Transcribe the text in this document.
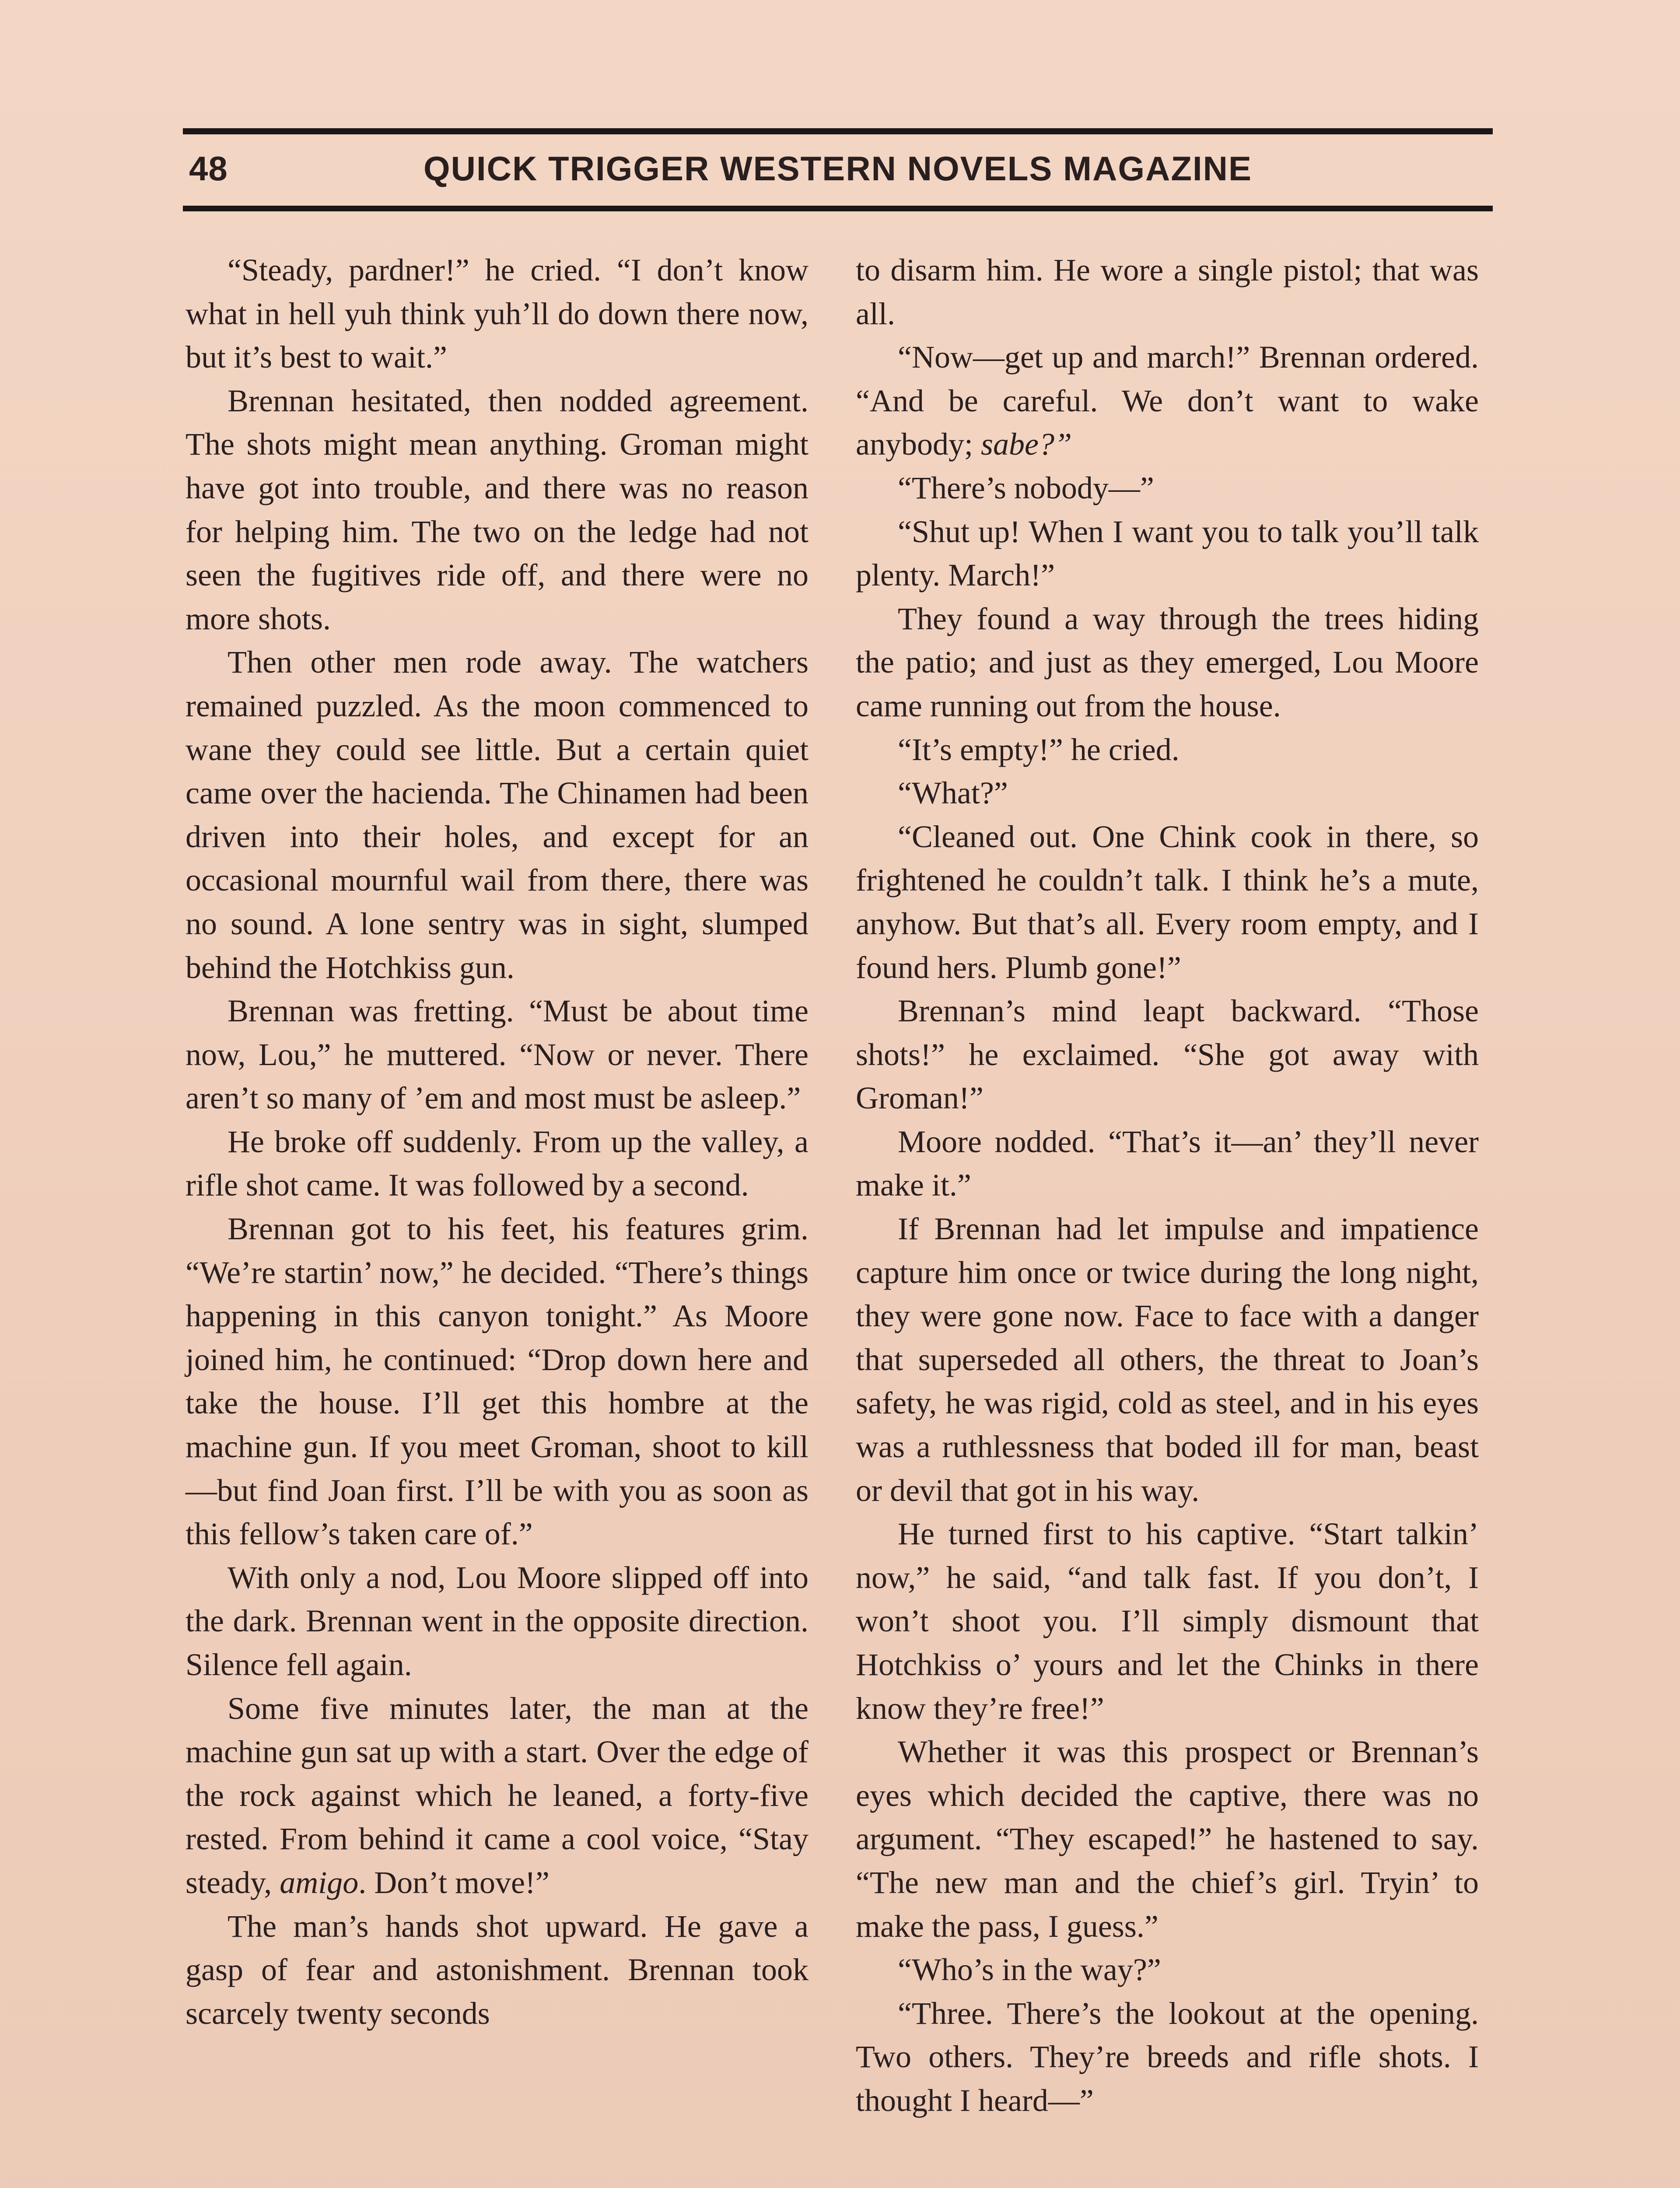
48	QUICK TRIGGER WESTERN NOVELS MAGAZINE

“Steady, pardner!” he cried. “I don’t know what in hell yuh think yuh’ll do down there now, but it’s best to wait.”

Brennan hesitated, then nodded agreement. The shots might mean anything. Groman might have got into trouble, and there was no reason for helping him. The two on the ledge had not seen the fugitives ride off, and there were no more shots.

Then other men rode away. The watchers remained puzzled. As the moon commenced to wane they could see little. But a certain quiet came over the hacienda. The Chinamen had been driven into their holes, and except for an occasional mournful wail from there, there was no sound. A lone sentry was in sight, slumped behind the Hotchkiss gun.

Brennan was fretting. “Must be about time now, Lou,” he muttered. “Now or never. There aren’t so many of ’em and most must be asleep.”

He broke off suddenly. From up the valley, a rifle shot came. It was followed by a second.

Brennan got to his feet, his features grim. “We’re startin’ now,” he decided. “There’s things happening in this canyon tonight.” As Moore joined him, he continued: “Drop down here and take the house. I’ll get this hombre at the machine gun. If you meet Groman, shoot to kill—but find Joan first. I’ll be with you as soon as this fellow’s taken care of.”

With only a nod, Lou Moore slipped off into the dark. Brennan went in the opposite direction. Silence fell again.

Some five minutes later, the man at the machine gun sat up with a start. Over the edge of the rock against which he leaned, a forty-five rested. From behind it came a cool voice, “Stay steady, amigo. Don’t move!”

The man’s hands shot upward. He gave a gasp of fear and astonishment. Brennan took scarcely twenty seconds

to disarm him. He wore a single pistol; that was all.

“Now—get up and march!” Brennan ordered. “And be careful. We don’t want to wake anybody; sabe?”

“There’s nobody—”

“Shut up! When I want you to talk you’ll talk plenty. March!”

They found a way through the trees hiding the patio; and just as they emerged, Lou Moore came running out from the house.

“It’s empty!” he cried.

“What?”

“Cleaned out. One Chink cook in there, so frightened he couldn’t talk. I think he’s a mute, anyhow. But that’s all. Every room empty, and I found hers. Plumb gone!”

Brennan’s mind leapt backward. “Those shots!” he exclaimed. “She got away with Groman!”

Moore nodded. “That’s it—an’ they’ll never make it.”

If Brennan had let impulse and impatience capture him once or twice during the long night, they were gone now. Face to face with a danger that superseded all others, the threat to Joan’s safety, he was rigid, cold as steel, and in his eyes was a ruthlessness that boded ill for man, beast or devil that got in his way.

He turned first to his captive. “Start talkin’ now,” he said, “and talk fast. If you don’t, I won’t shoot you. I’ll simply dismount that Hotchkiss o’ yours and let the Chinks in there know they’re free!”

Whether it was this prospect or Brennan’s eyes which decided the captive, there was no argument. “They escaped!” he hastened to say. “The new man and the chief’s girl. Tryin’ to make the pass, I guess.”

“Who’s in the way?”

“Three. There’s the lookout at the opening. Two others. They’re breeds and rifle shots. I thought I heard—”
